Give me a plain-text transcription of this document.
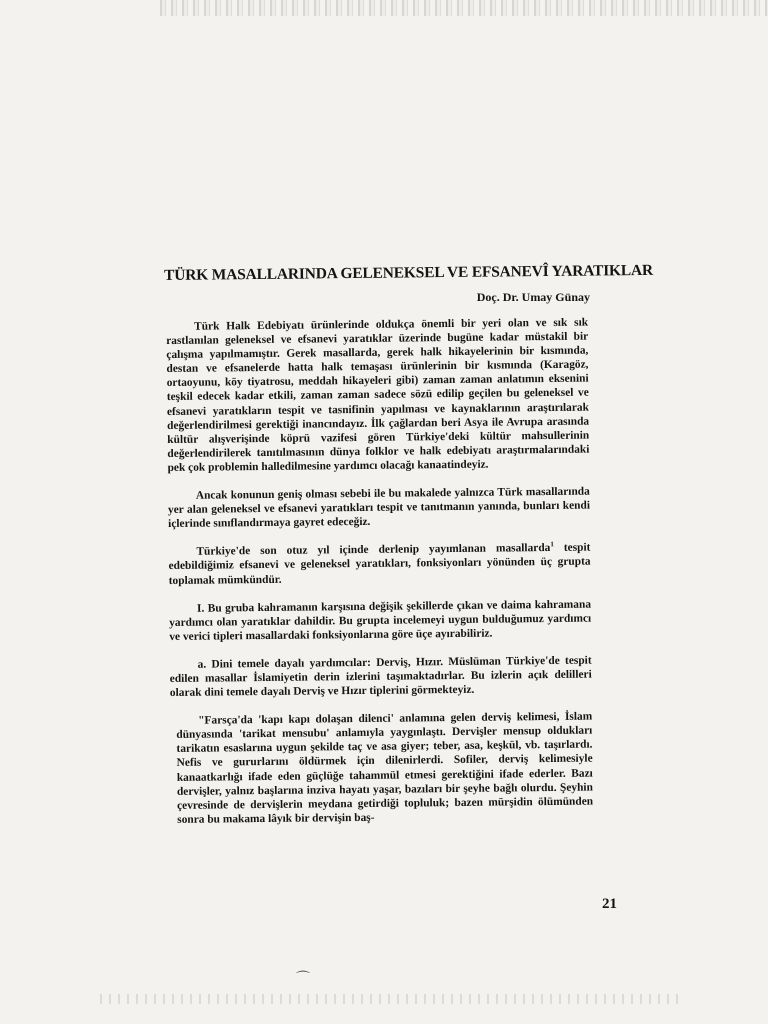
TÜRK MASALLARINDA GELENEKSEL VE EFSANEVÎ YARATIKLAR
Doç. Dr. Umay Günay

Türk Halk Edebiyatı ürünlerinde oldukça önemli bir yeri olan ve sık sık rastlanılan geleneksel ve efsanevi yaratıklar üzerinde bugüne kadar müstakil bir çalışma yapılmamıştır. Gerek masallarda, gerek halk hikayelerinin bir kısmında, destan ve efsanelerde hatta halk temaşası ürünlerinin bir kısmında (Karagöz, ortaoyunu, köy tiyatrosu, meddah hikayeleri gibi) zaman zaman anlatımın eksenini teşkil edecek kadar etkili, zaman zaman sadece sözü edilip geçilen bu geleneksel ve efsanevi yaratıkların tespit ve tasnifinin yapılması ve kaynaklarının araştırılarak değerlendirilmesi gerektiği inancındayız. İlk çağlardan beri Asya ile Avrupa arasında kültür alışverişinde köprü vazifesi gören Türkiye'deki kültür mahsullerinin değerlendirilerek tanıtılmasının dünya folklor ve halk edebiyatı araştırmalarındaki pek çok problemin halledilmesine yardımcı olacağı kanaatindeyiz.

Ancak konunun geniş olması sebebi ile bu makalede yalnızca Türk masallarında yer alan geleneksel ve efsanevi yaratıkları tespit ve tanıtmanın yanında, bunları kendi içlerinde sınıflandırmaya gayret edeceğiz.

Türkiye'de son otuz yıl içinde derlenip yayımlanan masallarda$^1$ tespit edebildiğimiz efsanevi ve geleneksel yaratıkları, fonksiyonları yönünden üç grupta toplamak mümkündür.

I. Bu gruba kahramanın karşısına değişik şekillerde çıkan ve daima kahramana yardımcı olan yaratıklar dahildir. Bu grupta incelemeyi uygun bulduğumuz yardımcı ve verici tipleri masallardaki fonksiyonlarına göre üçe ayırabiliriz.

a. Dini temele dayalı yardımcılar: Derviş, Hızır. Müslüman Türkiye'de tespit edilen masallar İslamiyetin derin izlerini taşımaktadırlar. Bu izlerin açık delilleri olarak dini temele dayalı Derviş ve Hızır tiplerini görmekteyiz.

"Farsça'da 'kapı kapı dolaşan dilenci' anlamına gelen derviş kelimesi, İslam dünyasında 'tarikat mensubu' anlamıyla yaygınlaştı. Dervişler mensup oldukları tarikatın esaslarına uygun şekilde taç ve asa giyer; teber, asa, keşkül, vb. taşırlardı. Nefis ve gururlarını öldürmek için dilenirlerdi. Sofiler, derviş kelimesiyle kanaatkarlığı ifade eden güçlüğe tahammül etmesi gerektiğini ifade ederler. Bazı dervişler, yalnız başlarına inziva hayatı yaşar, bazıları bir şeyhe bağlı olurdu. Şeyhin çevresinde de dervişlerin meydana getirdiği topluluk; bazen mürşidin ölümünden sonra bu makama lâyık bir dervişin baş-

21
⌒
